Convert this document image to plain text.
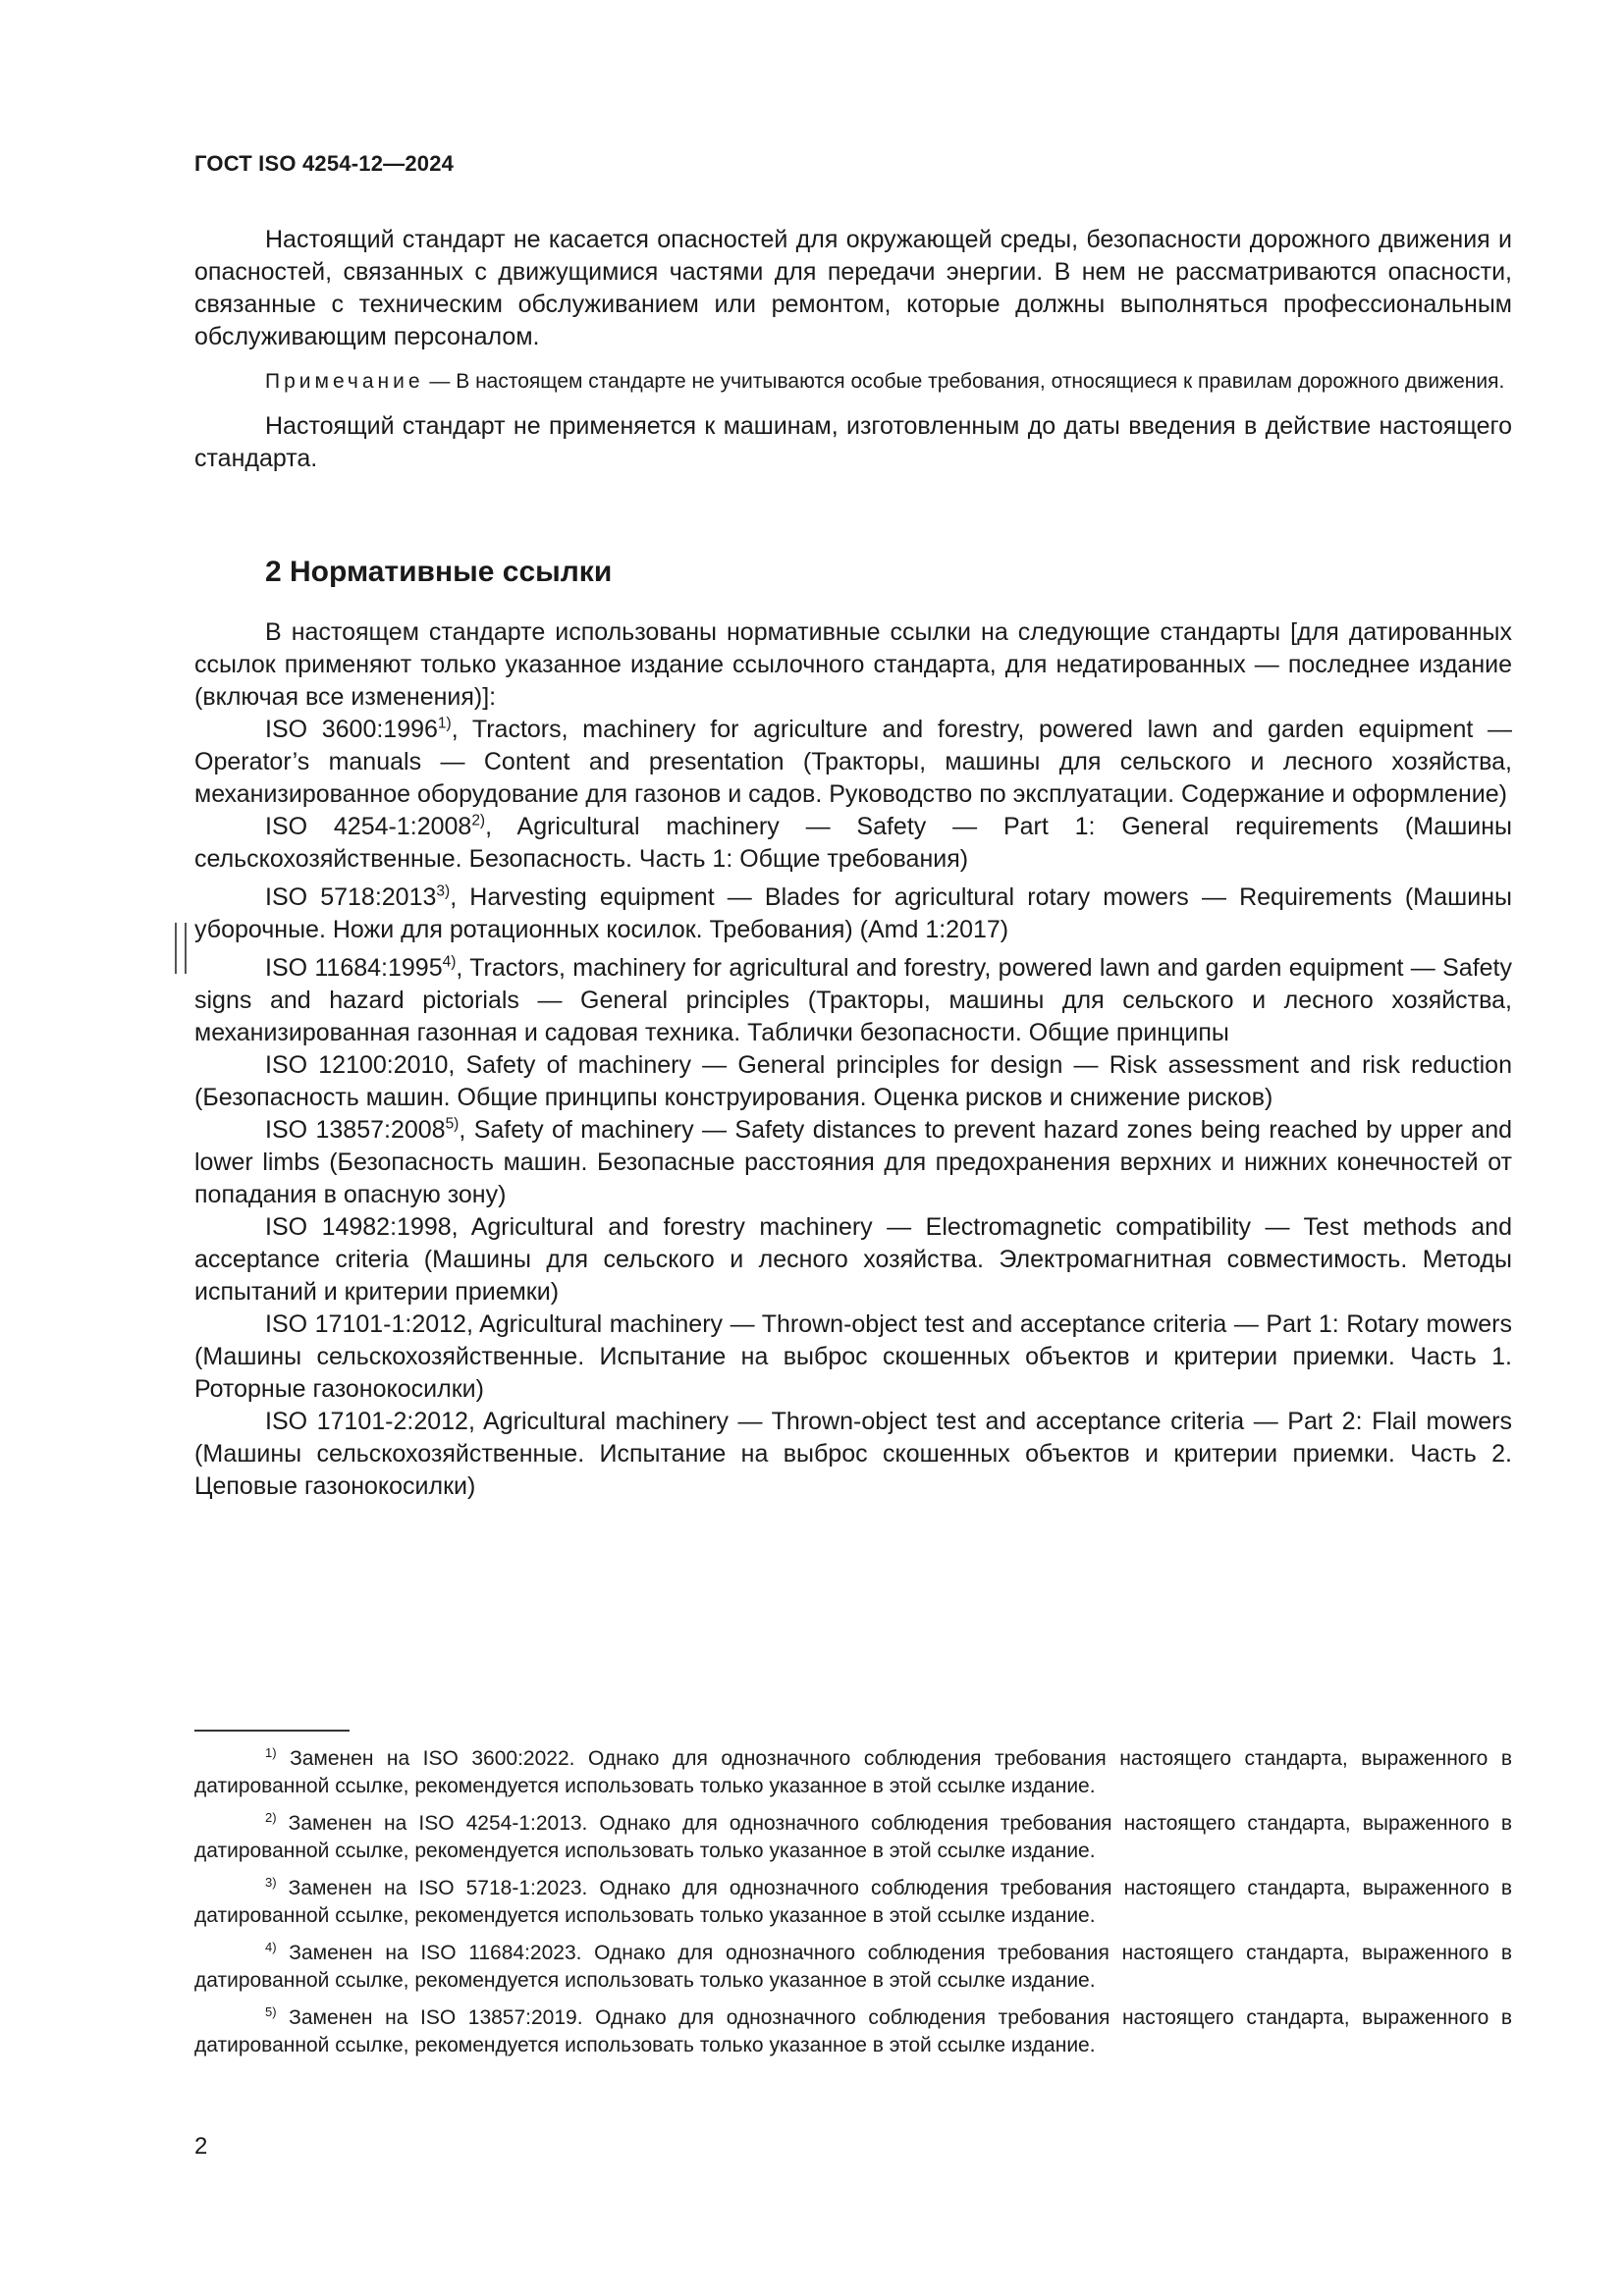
ГОСТ ISO 4254-12—2024

Настоящий стандарт не касается опасностей для окружающей среды, безопасности дорожного движения и опасностей, связанных с движущимися частями для передачи энергии. В нем не рассматриваются опасности, связанные с техническим обслуживанием или ремонтом, которые должны выполняться профессиональным обслуживающим персоналом.

Примечание — В настоящем стандарте не учитываются особые требования, относящиеся к правилам дорожного движения.

Настоящий стандарт не применяется к машинам, изготовленным до даты введения в действие настоящего стандарта.

2 Нормативные ссылки

В настоящем стандарте использованы нормативные ссылки на следующие стандарты [для датированных ссылок применяют только указанное издание ссылочного стандарта, для недатированных — последнее издание (включая все изменения)]:

ISO 3600:1996$^{1)}$, Tractors, machinery for agriculture and forestry, powered lawn and garden equipment — Operator’s manuals — Content and presentation (Тракторы, машины для сельского и лесного хозяйства, механизированное оборудование для газонов и садов. Руководство по эксплуатации. Содержание и оформление)

ISO 4254-1:2008$^{2)}$, Agricultural machinery — Safety — Part 1: General requirements (Машины сельскохозяйственные. Безопасность. Часть 1: Общие требования)

ISO 5718:2013$^{3)}$, Harvesting equipment — Blades for agricultural rotary mowers — Requirements (Машины уборочные. Ножи для ротационных косилок. Требования) (Amd 1:2017)

ISO 11684:1995$^{4)}$, Tractors, machinery for agricultural and forestry, powered lawn and garden equipment — Safety signs and hazard pictorials — General principles (Тракторы, машины для сельского и лесного хозяйства, механизированная газонная и садовая техника. Таблички безопасности. Общие принципы

ISO 12100:2010, Safety of machinery — General principles for design — Risk assessment and risk reduction (Безопасность машин. Общие принципы конструирования. Оценка рисков и снижение рисков)

ISO 13857:2008$^{5)}$, Safety of machinery — Safety distances to prevent hazard zones being reached by upper and lower limbs (Безопасность машин. Безопасные расстояния для предохранения верхних и нижних конечностей от попадания в опасную зону)

ISO 14982:1998, Agricultural and forestry machinery — Electromagnetic compatibility — Test methods and acceptance criteria (Машины для сельского и лесного хозяйства. Электромагнитная совместимость. Методы испытаний и критерии приемки)

ISO 17101-1:2012, Agricultural machinery — Thrown-object test and acceptance criteria — Part 1: Rotary mowers (Машины сельскохозяйственные. Испытание на выброс скошенных объектов и критерии приемки. Часть 1. Роторные газонокосилки)

ISO 17101-2:2012, Agricultural machinery — Thrown-object test and acceptance criteria — Part 2: Flail mowers (Машины сельскохозяйственные. Испытание на выброс скошенных объектов и критерии приемки. Часть 2. Цеповые газонокосилки)

$^{1)}$ Заменен на ISO 3600:2022. Однако для однозначного соблюдения требования настоящего стандарта, выраженного в датированной ссылке, рекомендуется использовать только указанное в этой ссылке издание.

$^{2)}$ Заменен на ISO 4254-1:2013. Однако для однозначного соблюдения требования настоящего стандарта, выраженного в датированной ссылке, рекомендуется использовать только указанное в этой ссылке издание.

$^{3)}$ Заменен на ISO 5718-1:2023. Однако для однозначного соблюдения требования настоящего стандарта, выраженного в датированной ссылке, рекомендуется использовать только указанное в этой ссылке издание.

$^{4)}$ Заменен на ISO 11684:2023. Однако для однозначного соблюдения требования настоящего стандарта, выраженного в датированной ссылке, рекомендуется использовать только указанное в этой ссылке издание.

$^{5)}$ Заменен на ISO 13857:2019. Однако для однозначного соблюдения требования настоящего стандарта, выраженного в датированной ссылке, рекомендуется использовать только указанное в этой ссылке издание.

2
